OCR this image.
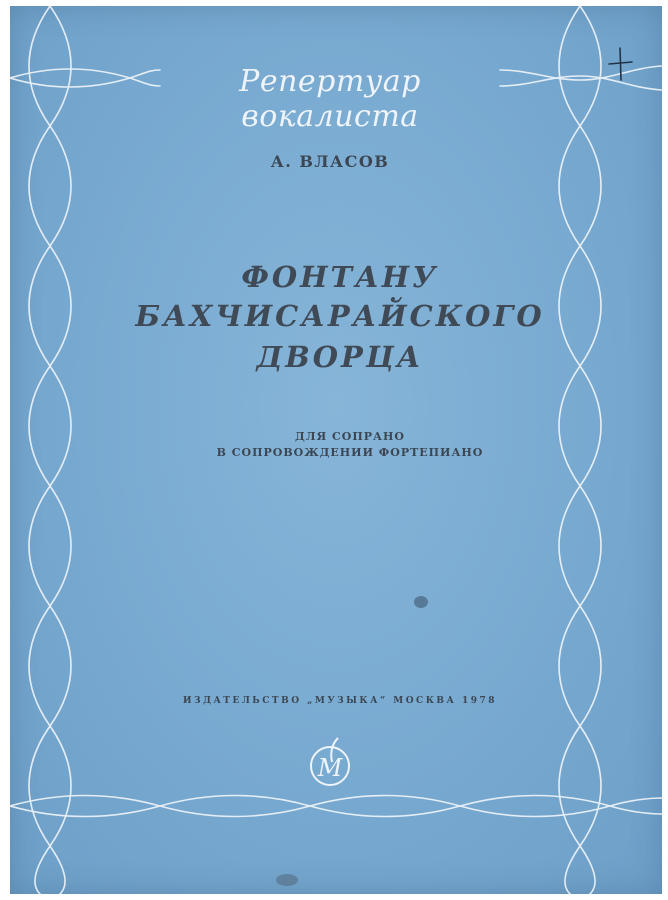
Репертуар вокалиста
А. ВЛАСОВ
ФОНТАНУ
БАХЧИСАРАЙСКОГО
ДВОРЦА
ДЛЯ СОПРАНО
В СОПРОВОЖДЕНИИ ФОРТЕПИАНО
ИЗДАТЕЛЬСТВО „МУЗЫКА“ МОСКВА 1978
М
